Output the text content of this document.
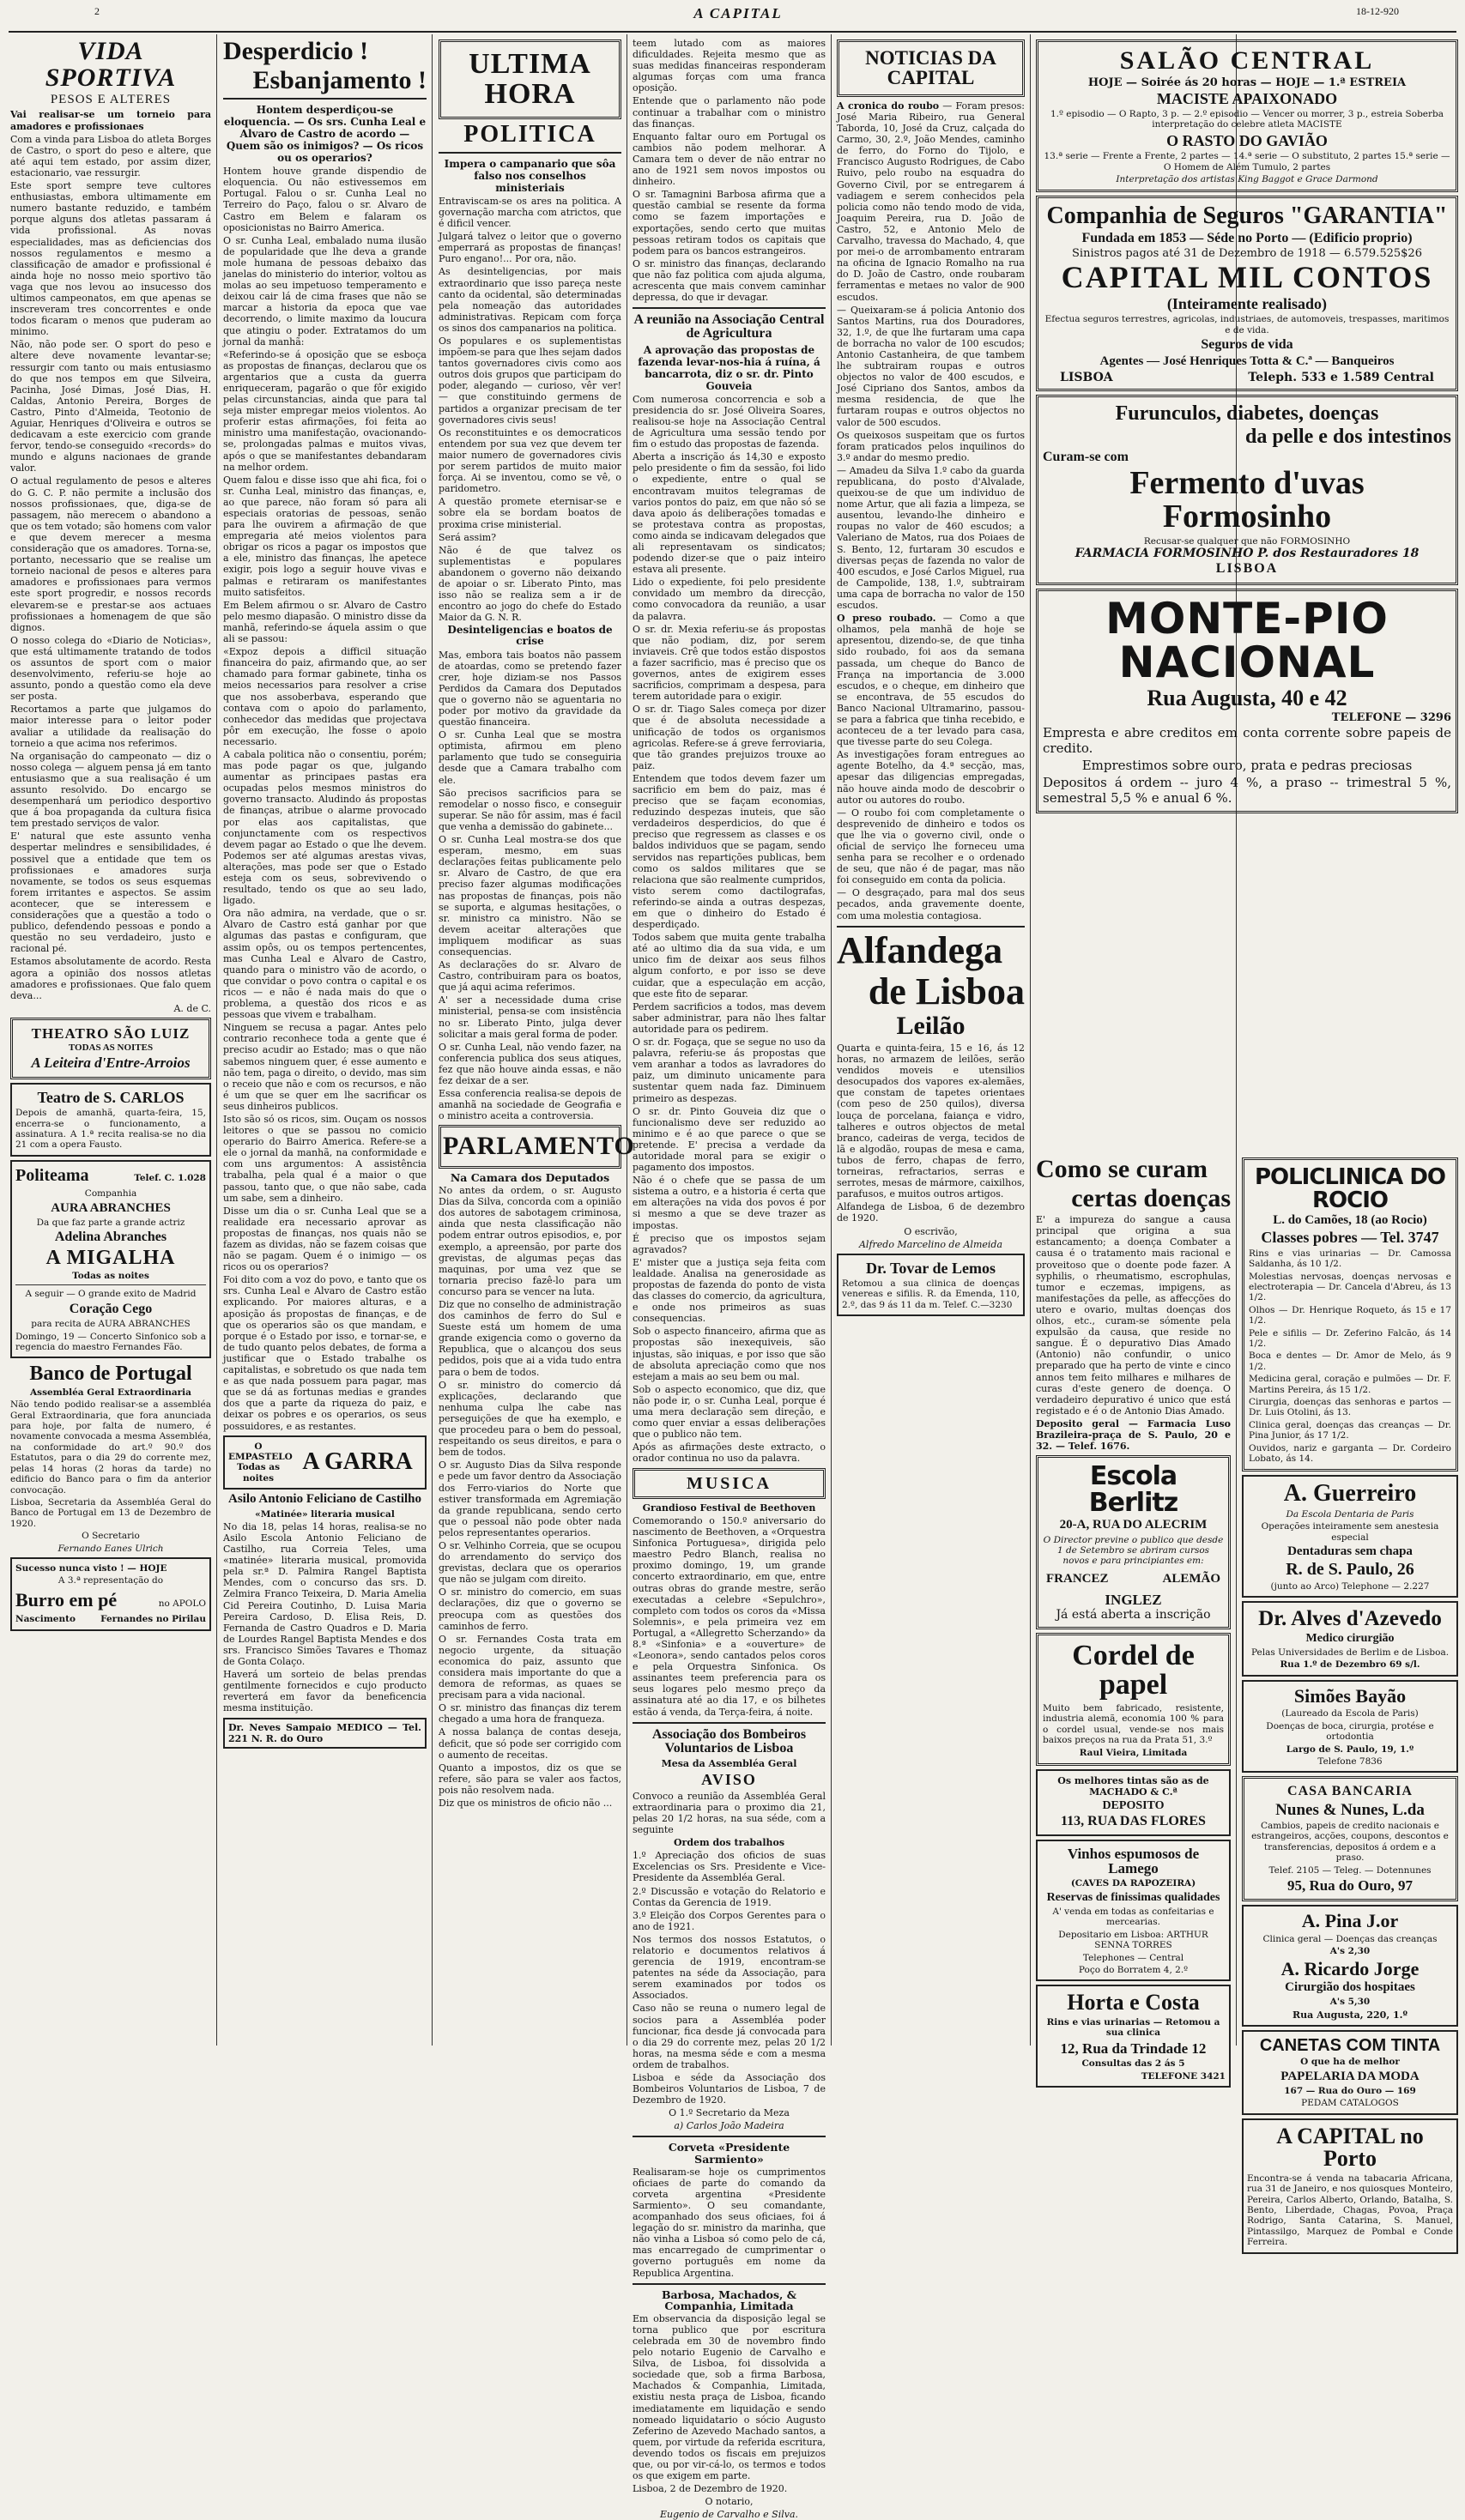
2	A CAPITAL	18-12-920
VIDA SPORTIVA
PESOS E ALTERES
Vai realisar-se um torneio para amadores e profissionaes

Com a vinda para Lisboa do atleta Borges de Castro, o sport do peso e altere, que até aqui tem estado, por assim dizer, estacionario, vae ressurgir.

Este sport sempre teve cultores enthusiastas, embora ultimamente em numero bastante reduzido, e também porque alguns dos atletas passaram á vida profissional. As novas especialidades, mas as deficiencias dos nossos regulamentos e mesmo a classificação de amador e profissional é ainda hoje no nosso meio sportivo tão vaga que nos levou ao insucesso dos ultimos campeonatos, em que apenas se inscreveram tres concorrentes e onde todos ficaram o menos que puderam ao minimo.

Não, não pode ser. O sport do peso e altere deve novamente levantar-se; ressurgir com tanto ou mais entusiasmo do que nos tempos em que Silveira, Pacinha, José Dimas, José Dias, H. Caldas, Antonio Pereira, Borges de Castro, Pinto d'Almeida, Teotonio de Aguiar, Henriques d'Oliveira e outros se dedicavam a este exercicio com grande fervor, tendo-se conseguido «records» do mundo e alguns nacionaes de grande valor.

O actual regulamento de pesos e alteres do G. C. P. não permite a inclusão dos nossos profissionaes, que, diga-se de passagem, não merecem o abandono a que os tem votado; são homens com valor e que devem merecer a mesma consideração que os amadores. Torna-se, portanto, necessario que se realise um torneio nacional de pesos e alteres para amadores e profissionaes para vermos este sport progredir, e nossos records elevarem-se e prestar-se aos actuaes profissionaes a homenagem de que são dignos.

O nosso colega do «Diario de Noticias», que está ultimamente tratando de todos os assuntos de sport com o maior desenvolvimento, referiu-se hoje ao assunto, pondo a questão como ela deve ser posta.

Recortamos a parte que julgamos do maior interesse para o leitor poder avaliar a utilidade da realisação do torneio a que acima nos referimos.

Na organisação do campeonato — diz o nosso colega — alguem pensa já em tanto entusiasmo que a sua realisação é um assunto resolvido. Do encargo se desempenhará um periodico desportivo que á boa propaganda da cultura fisica tem prestado serviços de valor.

E' natural que este assunto venha despertar melindres e sensibilidades, é possivel que a entidade que tem os profissionaes e amadores surja novamente, se todos os seus esquemas forem irritantes e aspectos. Se assim acontecer, que se interessem e considerações que a questão a todo o publico, defendendo pessoas e pondo a questão no seu verdadeiro, justo e racional pé.

Estamos absolutamente de acordo. Resta agora a opinião dos nossos atletas amadores e profissionaes. Que falo quem deva...

A. de C.
THEATRO SÃO LUIZ
TODAS AS NOITES
A Leiteira d'Entre-Arroios
Teatro de S. CARLOS
Depois de amanhã, quarta-feira, 15, encerra-se o funcionamento, a assinatura. A 1.ª recita realisa-se no dia 21 com a opera Fausto.
Politeama	Telef. C. 1.028
Companhia
AURA ABRANCHES
Da que faz parte a grande actriz
Adelina Abranches
A MIGALHA
Todas as noites
A seguir — O grande exito de Madrid
Coração Cego
para recita de AURA ABRANCHES
Domingo, 19 — Concerto Sinfonico sob a regencia do maestro Fernandes Fão.
Banco de Portugal
Assembléa Geral Extraordinaria

Não tendo podido realisar-se a assembléa Geral Extraordinaria, que fora anunciada para hoje, por falta de numero, é novamente convocada a mesma Assembléa, na conformidade do art.º 90.º dos Estatutos, para o dia 29 do corrente mez, pelas 14 horas (2 horas da tarde) no edificio do Banco para o fim da anterior convocação.

Lisboa, Secretaria da Assembléa Geral do Banco de Portugal em 13 de Dezembro de 1920.

O Secretario
Fernando Eanes Ulrich
Sucesso nunca visto ! — HOJE
A 3.ª representação do
Burro em pé	no APOLO
Nascimento	Fernandes no Pirilau
Desperdicio !
Esbanjamento !
Hontem desperdiçou-se eloquencia. — Os srs. Cunha Leal e Alvaro de Castro de acordo — Quem são os inimigos? — Os ricos ou os operarios?

Hontem houve grande dispendio de eloquencia. Ou não estivessemos em Portugal. Falou o sr. Cunha Leal no Terreiro do Paço, falou o sr. Alvaro de Castro em Belem e falaram os oposicionistas no Bairro America.

O sr. Cunha Leal, embalado numa ilusão de popularidade que lhe deva a grande mole humana de pessoas debaixo das janelas do ministerio do interior, voltou as molas ao seu impetuoso temperamento e deixou cair lá de cima frases que não se marcar a historia da epoca que vae decorrendo, o limite maximo da loucura que atingiu o poder. Extratamos do um jornal da manhã:

«Referindo-se á oposição que se esboça as propostas de finanças, declarou que os argentarios que a custa da guerra enriqueceram, pagarão o que fôr exigido pelas circunstancias, ainda que para tal seja mister empregar meios violentos. Ao proferir estas afirmações, foi feita ao ministro uma manifestação, ovacionando-se, prolongadas palmas e muitos vivas, após o que se manifestantes debandaram na melhor ordem.

Quem falou e disse isso que ahi fica, foi o sr. Cunha Leal, ministro das finanças, e, ao que parece, não foram só para ali especiais oratorias de pessoas, senão para lhe ouvirem a afirmação de que empregaria até meios violentos para obrigar os ricos a pagar os impostos que a ele, ministro das finanças, lhe apetece exigir, pois logo a seguir houve vivas e palmas e retiraram os manifestantes muito satisfeitos.

Em Belem afirmou o sr. Alvaro de Castro pelo mesmo diapasão. O ministro disse da manhã, referindo-se áquela assim o que ali se passou:

«Expoz depois a difficil situação financeira do paiz, afirmando que, ao ser chamado para formar gabinete, tinha os meios necessarios para resolver a crise que nos assoberbava, esperando que contava com o apoio do parlamento, conhecedor das medidas que projectava pôr em execução, lhe fosse o apoio necessario.

A cabala politica não o consentiu, porém; mas pode pagar os que, julgando aumentar as principaes pastas era ocupadas pelos mesmos ministros do governo transacto. Aludindo ás propostas de finanças, atribue o alarme provocado por elas aos capitalistas, que conjunctamente com os respectivos devem pagar ao Estado o que lhe devem. Podemos ser até algumas arestas vivas, alterações, mas pode ser que o Estado esteja com os seus, sobrevivendo o resultado, tendo os que ao seu lado, ligado.

Ora não admira, na verdade, que o sr. Alvaro de Castro está ganhar por que algumas das pastas e configuram, que assim opôs, ou os tempos pertencentes, mas Cunha Leal e Alvaro de Castro, quando para o ministro vão de acordo, o que convidar o povo contra o capital e os ricos — e não é nada mais do que o problema, a questão dos ricos e as pessoas que vivem e trabalham.

Ninguem se recusa a pagar. Antes pelo contrario reconhece toda a gente que é preciso acudir ao Estado; mas o que não sabemos ninguem quer, é esse aumento e não tem, paga o direito, o devido, mas sim o receio que não e com os recursos, e não é um que se quer em lhe sacrificar os seus dinheiros publicos.

Isto são só os ricos, sim. Ouçam os nossos leitores o que se passou no comicio operario do Bairro America. Refere-se a ele o jornal da manhã, na conformidade e com uns argumentos: A assistência trabalha, pela qual é a maior o que passou, tanto que, o que não sabe, cada um sabe, sem a dinheiro.

Disse um dia o sr. Cunha Leal que se a realidade era necessario aprovar as propostas de finanças, nos quais não se fazem as dividas, não se fazem coisas que não se pagam. Quem é o inimigo — os ricos ou os operarios?

Foi dito com a voz do povo, e tanto que os srs. Cunha Leal e Alvaro de Castro estão explicando. Por maiores alturas, e a aposição ás propostas de finanças, e de que os operarios são os que mandam, e porque é o Estado por isso, e tornar-se, e de tudo quanto pelos debates, de forma a justificar que o Estado trabalhe os capitalistas, e sobretudo os que nada tem e as que nada possuem para pagar, mas que se dá as fortunas medias e grandes dos que a parte da riqueza do paiz, e deixar os pobres e os operarios, os seus possuidores, e as restantes.

O EMPASTELO Todas as noites
A GARRA
Asilo Antonio Feliciano de Castilho
«Matinée» literaria musical

No dia 18, pelas 14 horas, realisa-se no Asilo Escola Antonio Feliciano de Castilho, rua Correia Teles, uma «matinée» literaria musical, promovida pela sr.ª D. Palmira Rangel Baptista Mendes, com o concurso das srs. D. Zelmira Franco Teixeira, D. Maria Amelia Cid Pereira Coutinho, D. Luisa Maria Pereira Cardoso, D. Elisa Reis, D. Fernanda de Castro Quadros e D. Maria de Lourdes Rangel Baptista Mendes e dos srs. Francisco Simões Tavares e Thomaz de Gonta Colaço.

Haverá um sorteio de belas prendas gentilmente fornecidos e cujo producto reverterá em favor da beneficencia mesma instituição.

Dr. Neves Sampaio MEDICO — Tel. 221 N. R. do Ouro
ULTIMA HORA
POLITICA
Impera o campanario que sôa falso nos conselhos ministeriais

Entraviscam-se os ares na politica. A governação marcha com atrictos, que é dificil vencer.

Julgará talvez o leitor que o governo emperrará as propostas de finanças! Puro engano!... Por ora, não.

As desinteligencias, por mais extraordinario que isso pareça neste canto da ocidental, são determinadas pela nomeação das autoridades administrativas. Repicam com força os sinos dos campanarios na politica.

Os populares e os suplementistas impõem-se para que lhes sejam dados tantos governadores civis como aos outros dois grupos que participam do poder, alegando — curioso, vêr ver! — que constituindo germens de partidos a organizar precisam de ter governadores civis seus!

Os reconstituintes e os democraticos entendem por sua vez que devem ter maior numero de governadores civis por serem partidos de muito maior força. Ai se inventou, como se vê, o paridometro.

A questão promete eternisar-se e sobre ela se bordam boatos de proxima crise ministerial.

Será assim?

Não é de que talvez os suplementistas e populares abandonem o governo não deixando de apoiar o sr. Liberato Pinto, mas isso não se realiza sem a ir de encontro ao jogo do chefe do Estado Maior da G. N. R.

Desinteligencias e boatos de crise

Mas, embora tais boatos não passem de atoardas, como se pretendo fazer crer, hoje diziam-se nos Passos Perdidos da Camara dos Deputados que o governo não se aguentaria no poder por motivo da gravidade da questão financeira.

O sr. Cunha Leal que se mostra optimista, afirmou em pleno parlamento que tudo se conseguiria desde que a Camara trabalho com ele.

São precisos sacrificios para se remodelar o nosso fisco, e conseguir superar. Se não fôr assim, mas é facil que venha a demissão do gabinete...

O sr. Cunha Leal mostra-se dos que esperam, mesmo, em suas declarações feitas publicamente pelo sr. Alvaro de Castro, de que era preciso fazer algumas modificações nas propostas de finanças, pois não se suporta, e algumas hesitações, o sr. ministro ca ministro. Não se devem aceitar alterações que impliquem modificar as suas consequencias.

As declarações do sr. Alvaro de Castro, contribuiram para os boatos, que já aqui acima referimos.

A' ser a necessidade duma crise ministerial, pensa-se com insistência no sr. Liberato Pinto, julga dever solicitar a mais geral forma de poder.

O sr. Cunha Leal, não vendo fazer, na conferencia publica dos seus atiques, fez que não houve ainda essas, e não fez deixar de a ser.

Essa conferencia realisa-se depois de amanhã na sociedade de Geografia e o ministro aceita a controversia.

PARLAMENTO
Na Camara dos Deputados

No antes da ordem, o sr. Augusto Dias da Silva, concorda com a opinião dos autores de sabotagem criminosa, ainda que nesta classificação não podem entrar outros episodios, e, por exemplo, a apreensão, por parte dos grevistas, de algumas peças das maquinas, por uma vez que se tornaria preciso fazê-lo para um concurso para se vencer na luta.

Diz que no conselho de administração dos caminhos de ferro do Sul e Sueste está um homem de uma grande exigencia como o governo da Republica, que o alcançou dos seus pedidos, pois que ai a vida tudo entra para o bem de todos.

O sr. ministro do comercio dá explicações, declarando que nenhuma culpa lhe cabe nas perseguições de que ha exemplo, e que procedeu para o bem do pessoal, respeitando os seus direitos, e para o bem de todos.

O sr. Augusto Dias da Silva responde e pede um favor dentro da Associação dos Ferro-viarios do Norte que estiver transformada em Agremiação da grande republicana, sendo certo que o pessoal não pode obter nada pelos representantes operarios.

O sr. Velhinho Correia, que se ocupou do arrendamento do serviço dos grevistas, declara que os operarios que não se julgam com direito.

O sr. ministro do comercio, em suas declarações, diz que o governo se preocupa com as questões dos caminhos de ferro.

O sr. Fernandes Costa trata em negocio urgente, da situação economica do paiz, assunto que considera mais importante do que a demora de reformas, as quaes se precisam para a vida nacional.

O sr. ministro das finanças diz terem chegado a uma hora de franqueza.

A nossa balança de contas deseja, deficit, que só pode ser corrigido com o aumento de receitas.

Quanto a impostos, diz os que se refere, são para se valer aos factos, pois não resolvem nada.

Diz que os ministros de oficio não ...

teem lutado com as maiores dificuldades. Rejeita mesmo que as suas medidas financeiras responderam algumas forças com uma franca oposição.

Entende que o parlamento não pode continuar a trabalhar com o ministro das finanças.

Enquanto faltar ouro em Portugal os cambios não podem melhorar. A Camara tem o dever de não entrar no ano de 1921 sem novos impostos ou dinheiro.

O sr. Tamagnini Barbosa afirma que a questão cambial se resente da forma como se fazem importações e exportações, sendo certo que muitas pessoas retiram todos os capitais que podem para os bancos estrangeiros.

O sr. ministro das finanças, declarando que não faz politica com ajuda alguma, acrescenta que mais convem caminhar depressa, do que ir devagar.

A reunião na Associação Central de Agricultura
A aprovação das propostas de fazenda levar-nos-hia á ruína, á bancarrota, diz o sr. dr. Pinto Gouveia

Com numerosa concorrencia e sob a presidencia do sr. José Oliveira Soares, realisou-se hoje na Associação Central de Agricultura uma sessão tendo por fim o estudo das propostas de fazenda.

Aberta a inscrição ás 14,30 e exposto pelo presidente o fim da sessão, foi lido o expediente, entre o qual se encontravam muitos telegramas de varios pontos do paiz, em que não só se dava apoio ás deliberações tomadas e se protestava contra as propostas, como ainda se indicavam delegados que ali representavam os sindicatos; podendo dizer-se que o paiz inteiro estava ali presente.

Lido o expediente, foi pelo presidente convidado um membro da direcção, como convocadora da reunião, a usar da palavra.

O sr. dr. Mexia referiu-se ás propostas que não podiam, diz, por serem inviaveis. Crê que todos estão dispostos a fazer sacrificio, mas é preciso que os governos, antes de exigirem esses sacrificios, comprimam a despesa, para terem autoridade para o exigir.

O sr. dr. Tiago Sales começa por dizer que é de absoluta necessidade a unificação de todos os organismos agricolas. Refere-se á greve ferroviaria, que tão grandes prejuizos trouxe ao paiz.

Entendem que todos devem fazer um sacrificio em bem do paiz, mas é preciso que se façam economias, reduzindo despezas inuteis, que são verdadeiros desperdicios, do que é preciso que regressem as classes e os baldos individuos que se pagam, sendo servidos nas repartições publicas, bem como os saldos militares que se relaciona que são realmente cumpridos, visto serem como dactilografas, referindo-se ainda a outras despezas, em que o dinheiro do Estado é desperdiçado.

Todos sabem que muita gente trabalha até ao ultimo dia da sua vida, e um unico fim de deixar aos seus filhos algum conforto, e por isso se deve cuidar, que a especulação em acção, que este fito de separar.

Perdem sacrificios a todos, mas devem saber administrar, para não lhes faltar autoridade para os pedirem.

O sr. dr. Fogaça, que se segue no uso da palavra, referiu-se ás propostas que vem aranhar a todos as lavradores do paiz, um diminuto unicamente para sustentar quem nada faz. Diminuem primeiro as despezas.

O sr. dr. Pinto Gouveia diz que o funcionalismo deve ser reduzido ao minimo e é ao que parece o que se pretende. E' precisa a verdade da autoridade moral para se exigir o pagamento dos impostos.

Não é o chefe que se passa de um sistema a outro, e a historia é certa que em alterações na vida dos povos é por si mesmo a que se deve trazer as impostas.

É preciso que os impostos sejam agravados?

E' mister que a justiça seja feita com lealdade. Analisa na generosidade as propostas de fazenda do ponto de vista das classes do comercio, da agricultura, e onde nos primeiros as suas consequencias.

Sob o aspecto financeiro, afirma que as propostas são inexequiveis, são injustas, são iniquas, e por isso que são de absoluta apreciação como que nos estejam a mais ao seu bem ou mal.

Sob o aspecto economico, que diz, que não pode ir, o sr. Cunha Leal, porque é uma mera declaração sem direção, e como quer enviar a essas deliberações que o publico não tem.

Após as afirmações deste extracto, o orador continua no uso da palavra.

MUSICA
Grandioso Festival de Beethoven

Comemorando o 150.º aniversario do nascimento de Beethoven, a «Orquestra Sinfonica Portuguesa», dirigida pelo maestro Pedro Blanch, realisa no proximo domingo, 19, um grande concerto extraordinario, em que, entre outras obras do grande mestre, serão executadas a celebre «Sepulchro», completo com todos os coros da «Missa Solemnis», e pela primeira vez em Portugal, a «Allegretto Scherzando» da 8.ª «Sinfonia» e a «ouverture» de «Leonora», sendo cantados pelos coros e pela Orquestra Sinfonica. Os assinantes teem preferencia para os seus logares pelo mesmo preço da assinatura até ao dia 17, e os bilhetes estão á venda, da Terça-feira, á noite.

Associação dos Bombeiros Voluntarios de Lisboa
Mesa da Assembléa Geral
AVISO

Convoco a reunião da Assembléa Geral extraordinaria para o proximo dia 21, pelas 20 1/2 horas, na sua séde, com a seguinte

Ordem dos trabalhos

1.º Apreciação dos oficios de suas Excelencias os Srs. Presidente e Vice-Presidente da Assembléa Geral.

2.º Discussão e votação do Relatorio e Contas da Gerencia de 1919.

3.º Eleição dos Corpos Gerentes para o ano de 1921.

Nos termos dos nossos Estatutos, o relatorio e documentos relativos á gerencia de 1919, encontram-se patentes na séde da Associação, para serem examinados por todos os Associados.

Caso não se reuna o numero legal de socios para a Assembléa poder funcionar, fica desde já convocada para o dia 29 do corrente mez, pelas 20 1/2 horas, na mesma séde e com a mesma ordem de trabalhos.

Lisboa e séde da Associação dos Bombeiros Voluntarios de Lisboa, 7 de Dezembro de 1920.

O 1.º Secretario da Meza
a) Carlos João Madeira
Corveta «Presidente Sarmiento»

Realisaram-se hoje os cumprimentos oficiaes de parte do comando da corveta argentina «Presidente Sarmiento». O seu comandante, acompanhado dos seus oficiaes, foi á legação do sr. ministro da marinha, que não vinha a Lisboa só como pelo de cá, mas encarregado de cumprimentar o governo português em nome da Republica Argentina.

Barbosa, Machados, & Companhia, Limitada

Em observancia da disposição legal se torna publico que por escritura celebrada em 30 de novembro findo pelo notario Eugenio de Carvalho e Silva, de Lisboa, foi dissolvida a sociedade que, sob a firma Barbosa, Machados & Companhia, Limitada, existiu nesta praça de Lisboa, ficando imediatamente em liquidação e sendo nomeado liquidatario o sócio Augusto Zeferino de Azevedo Machado santos, a quem, por virtude da referida escritura, devendo todos os fiscais em prejuizos que, ou por vir-cá-lo, os termos e todos os que exigem em parte.

Lisboa, 2 de Dezembro de 1920.

O notario,
Eugenio de Carvalho e Silva.
NOTICIAS DA CAPITAL

A cronica do roubo — Foram presos: José Maria Ribeiro, rua General Taborda, 10, José da Cruz, calçada do Carmo, 30, 2.º, João Mendes, caminho de ferro, do Forno do Tijolo, e Francisco Augusto Rodrigues, de Cabo Ruivo, pelo roubo na esquadra do Governo Civil, por se entregarem á vadiagem e serem conhecidos pela policia como não tendo modo de vida, Joaquim Pereira, rua D. João de Castro, 52, e Antonio Melo de Carvalho, travessa do Machado, 4, que por mei-o de arrombamento entraram na oficina de Ignacio Romalho na rua do D. João de Castro, onde roubaram ferramentas e metaes no valor de 900 escudos.

— Queixaram-se á policia Antonio dos Santos Martins, rua dos Douradores, 32, 1.º, de que lhe furtaram uma capa de borracha no valor de 100 escudos; Antonio Castanheira, de que tambem lhe subtrairam roupas e outros objectos no valor de 400 escudos, e José Cipriano dos Santos, ambos da mesma residencia, de que lhe furtaram roupas e outros objectos no valor de 500 escudos.

Os queixosos suspeitam que os furtos foram praticados pelos inquilinos do 3.º andar do mesmo predio.

— Amadeu da Silva 1.º cabo da guarda republicana, do posto d'Alvalade, queixou-se de que um individuo de nome Artur, que ali fazia a limpeza, se ausentou, levando-lhe dinheiro e roupas no valor de 460 escudos; a Valeriano de Matos, rua dos Poiaes de S. Bento, 12, furtaram 30 escudos e diversas peças de fazenda no valor de 400 escudos, e José Carlos Miguel, rua de Campolide, 138, 1.º, subtrairam uma capa de borracha no valor de 150 escudos.

O preso roubado. — Como a que olhamos, pela manhã de hoje se apresentou, dizendo-se, de que tinha sido roubado, foi aos da semana passada, um cheque do Banco de França na importancia de 3.000 escudos, e o cheque, em dinheiro que se encontrava, de 55 escudos do Banco Nacional Ultramarino, passou-se para a fabrica que tinha recebido, e aconteceu de a ter levado para casa, que tivesse parte do seu Colega.

As investigações foram entregues ao agente Botelho, da 4.ª secção, mas, apesar das diligencias empregadas, não houve ainda modo de descobrir o autor ou autores do roubo.

— O roubo foi com completamente o desprevenido de dinheiro e todos os que lhe via o governo civil, onde o oficial de serviço lhe forneceu uma senha para se recolher e o ordenado de seu, que não é de pagar, mas não foi conseguido em conta da policia.

— O desgraçado, para mal dos seus pecados, anda gravemente doente, com uma molestia contagiosa.

Alfandega
de Lisboa
Leilão

Quarta e quinta-feira, 15 e 16, ás 12 horas, no armazem de leilões, serão vendidos moveis e utensilios desocupados dos vapores ex-alemães, que constam de tapetes orientaes (com peso de 250 quilos), diversa louça de porcelana, faiança e vidro, talheres e outros objectos de metal branco, cadeiras de verga, tecidos de lã e algodão, roupas de mesa e cama, tubos de ferro, chapas de ferro, torneiras, refractarios, serras e serrotes, mesas de mármore, caixilhos, parafusos, e muitos outros artigos.

Alfandega de Lisboa, 6 de dezembro de 1920.

O escrivão,
Alfredo Marcelino de Almeida
Dr. Tovar de Lemos
Retomou a sua clinica de doenças venereas e sifilis. R. da Emenda, 110, 2.º, das 9 ás 11 da m. Telef. C.—3230
SALÃO CENTRAL
HOJE — Soirée ás 20 horas — HOJE — 1.ª ESTREIA
MACISTE APAIXONADO
1.º episodio — O Rapto, 3 p. — 2.º episodio — Vencer ou morrer, 3 p., estreia Soberba interpretação do celebre atleta MACISTE
O RASTO DO GAVIÃO
13.ª serie — Frente a Frente, 2 partes — 14.ª serie — O substituto, 2 partes 15.ª serie — O Homem de Além Tumulo, 2 partes
Interpretação dos artistas King Baggot e Grace Darmond
Companhia de Seguros "GARANTIA"
Fundada em 1853 — Séde no Porto — (Edificio proprio)
Sinistros pagos até 31 de Dezembro de 1918 — 6.579.525$26
CAPITAL MIL CONTOS
(Inteiramente realisado)
Efectua seguros terrestres, agricolas, industriaes, de automoveis, trespasses, maritimos e de vida.
Seguros de vida
Agentes — José Henriques Totta & C.ª — Banqueiros
LISBOA	Teleph. 533 e 1.589 Central
Furunculos, diabetes, doenças
da pelle e dos intestinos
Curam-se com
Fermento d'uvas Formosinho
Recusar-se qualquer que não FORMOSINHO
FARMACIA FORMOSINHO P. dos Restauradores 18
LISBOA
MONTE-PIO NACIONAL
Rua Augusta, 40 e 42
TELEFONE — 3296
Empresta e abre creditos em conta corrente sobre papeis de credito.
Emprestimos sobre ouro, prata e pedras preciosas
Depositos á ordem -- juro 4 %, a praso -- trimestral 5 %, semestral 5,5 % e anual 6 %.
Como se curam
certas doenças

E' a impureza do sangue a causa principal que origina a sua estancamento; a doença Combater a causa é o tratamento mais racional e proveitoso que o doente pode fazer. A syphilis, o rheumatismo, escrophulas, tumor e eczemas, impigens, as manifestações da pelle, as affecções do utero e ovario, multas doenças dos olhos, etc., curam-se sómente pela expulsão da causa, que reside no sangue. É o depurativo Dias Amado (Antonio) não confundir, o unico preparado que ha perto de vinte e cinco annos tem feito milhares e milhares de curas d'este genero de doença. O verdadeiro depurativo é unico que está registado e é o de Antonio Dias Amado.

Deposito geral — Farmacia Luso Brazileira-praça de S. Paulo, 20 e 32. — Telef. 1676.

Escola Berlitz
20-A, RUA DO ALECRIM
O Director previne o publico que desde 1 de Setembro se abriram cursos novos e para principiantes em:
FRANCEZ	ALEMÃO
INGLEZ
Já está aberta a inscrição
Cordel de papel
Muito bem fabricado, resistente, industria alemã, economia 100 % para o cordel usual, vende-se nos mais baixos preços na rua da Prata 51, 3.º
Raul Vieira, Limitada
Os melhores tintas são as de MACHADO & C.ª
DEPOSITO
113, RUA DAS FLORES
Vinhos espumosos de Lamego
(CAVES DA RAPOZEIRA)
Reservas de finissimas qualidades
A' venda em todas as confeitarias e mercearias.
Depositario em Lisboa: ARTHUR SENNA TORRES
Telephones — Central
Poço do Borratem 4, 2.º
Horta e Costa
Rins e vias urinarias — Retomou a sua clinica
12, Rua da Trindade 12
Consultas das 2 ás 5
TELEFONE 3421
POLICLINICA DO ROCIO
L. do Camões, 18 (ao Rocio)
Classes pobres — Tel. 3747
Rins e vias urinarias — Dr. Camossa Saldanha, ás 10 1/2.
Molestias nervosas, doenças nervosas e electroterapia — Dr. Cancela d'Abreu, ás 13 1/2.
Olhos — Dr. Henrique Roqueto, ás 15 e 17 1/2.
Pele e sifilis — Dr. Zeferino Falcão, ás 14 1/2.
Boca e dentes — Dr. Amor de Melo, ás 9 1/2.
Medicina geral, coração e pulmões — Dr. F. Martins Pereira, ás 15 1/2.
Cirurgia, doenças das senhoras e partos — Dr. Luis Otolini, ás 13.
Clinica geral, doenças das creanças — Dr. Pina Junior, ás 17 1/2.
Ouvidos, nariz e garganta — Dr. Cordeiro Lobato, ás 14.
A. Guerreiro
Da Escola Dentaria de Paris
Operações inteiramente sem anestesia especial
Dentaduras sem chapa
R. de S. Paulo, 26
(junto ao Arco) Telephone — 2.227
Dr. Alves d'Azevedo
Medico cirurgião
Pelas Universidades de Berlim e de Lisboa.
Rua 1.º de Dezembro 69 s/l.
Simões Bayão
(Laureado da Escola de Paris)
Doenças de boca, cirurgia, protése e ortodontia
Largo de S. Paulo, 19, 1.º
Telefone 7836
CASA BANCARIA
Nunes & Nunes, L.da
Cambios, papeis de credito nacionais e estrangeiros, acções, coupons, descontos e transferencias, depositos á ordem e a praso.
Telef. 2105 — Teleg. — Dotennunes
95, Rua do Ouro, 97
A. Pina J.or
Clinica geral — Doenças das creanças
A's 2,30
A. Ricardo Jorge
Cirurgião dos hospitaes
A's 5,30
Rua Augusta, 220, 1.º
CANETAS COM TINTA
O que ha de melhor
PAPELARIA DA MODA
167 — Rua do Ouro — 169
PEDAM CATALOGOS
A CAPITAL no Porto
Encontra-se á venda na tabacaria Africana, rua 31 de Janeiro, e nos quiosques Monteiro, Pereira, Carlos Alberto, Orlando, Batalha, S. Bento, Liberdade, Chagas, Povoa, Praça Rodrigo, Santa Catarina, S. Manuel, Pintassilgo, Marquez de Pombal e Conde Ferreira.
